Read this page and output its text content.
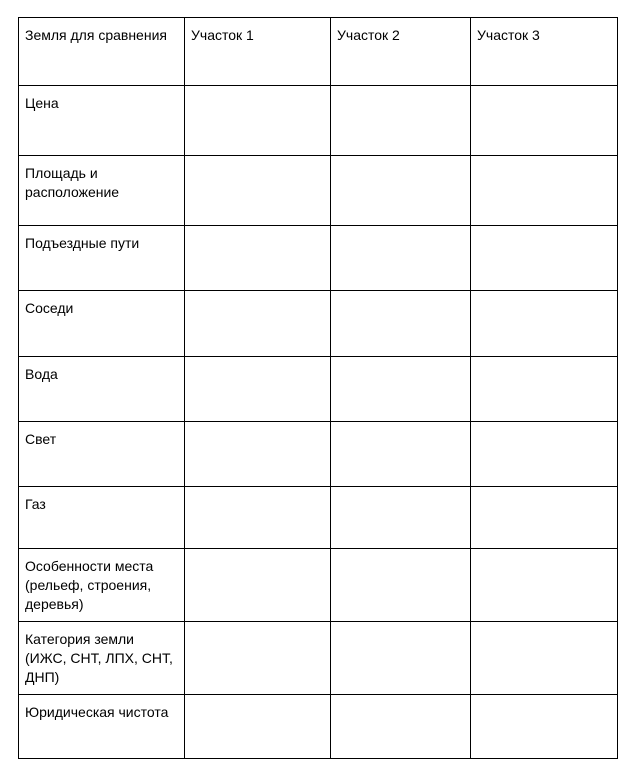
Земля для сравнения	Участок 1	Участок 2	Участок 3
Цена			
Площадь и расположение			
Подъездные пути			
Соседи			
Вода			
Свет			
Газ			
Особенности места (рельеф, строения, деревья)			
Категория земли (ИЖС, СНТ, ЛПХ, СНТ, ДНП)			
Юридическая чистота			
